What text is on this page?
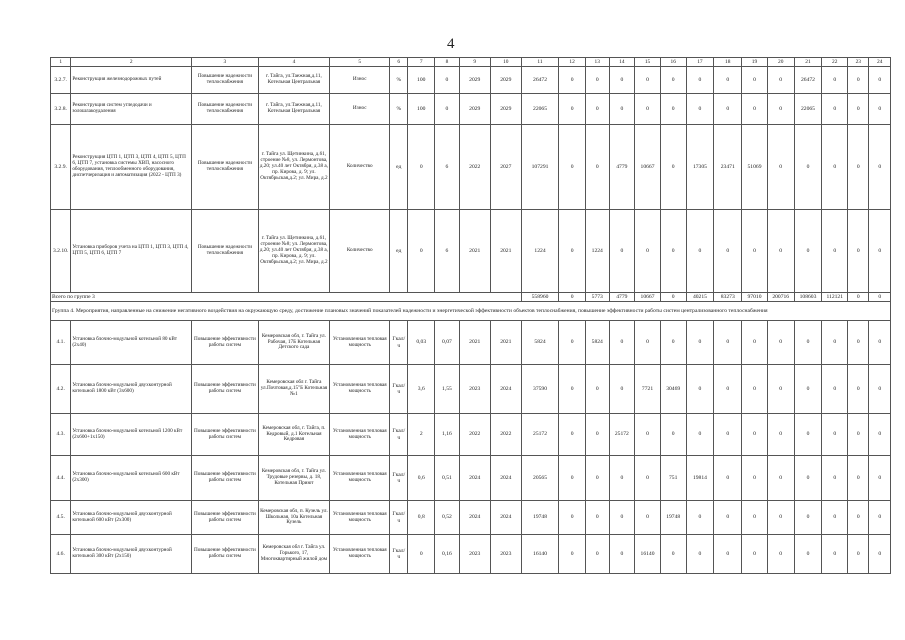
4
1	2	3	4	5	6	7	8	9	10	11	12	13	14	15	16	17	18	19	20	21	22	23	24
3.2.7.	Реконструкция железнодорожных путей	Повышение надежности теплоснабжения	г. Тайга, ул.Таежная,д.11, Котельная Центральная	Износ	%	100	0	2029	2029	26472	0	0	0	0	0	0	0	0	0	26472	0	0	0
3.2.8.	Реконструкция систем угледодачи и золошлакоудаления	Повышение надежности теплоснабжения	г. Тайга, ул.Таежная,д.11, Котельная Центральная	Износ	%	100	0	2029	2029	22065	0	0	0	0	0	0	0	0	0	22065	0	0	0
3.2.9.	Реконструкция ЦТП 1, ЦТП 3, ЦТП 4, ЦТП 5, ЦТП 6, ЦТП 7, установка системы ХВП, насосного оборудования, теплообменного оборудования, диспетчеризация и автоматизация (2022 - ЦТП 3)	Повышение надежности теплоснабжения	г. Тайга ул. Щетинкина, д.61, строение №8, ул. Лермонтова, д.20; ул.40 лет Октября, д.38 а, пр. Кирова, д. 9; ул. Октябрьская,д.2; ул. Мира, д.2	Количество	ед	0	6	2022	2027	107291	0	0	4779	10667	0	17305	23471	51069	0	0	0	0	0
3.2.10.	Установка приборов учета на ЦТП 1, ЦТП 3, ЦТП 4, ЦТП 5, ЦТП 6, ЦТП 7	Повышение надежности теплоснабжения	г. Тайга ул. Щетинкина, д.61, строение №8; ул. Лермонтова, д.20; ул.40 лет Октября, д.38 а, пр. Кирова, д. 9; ул. Октябрьская,д.2; ул. Мира, д.2	Количество	ед	0	6	2021	2021	1224	0	1224	0	0	0	0	0	0	0	0	0	0	0
Всего по группе 3										558960	0	5773	4779	10667	0	40215	83273	97010	200716	108603	112121	0	0
Группа 4. Мероприятия, направленные на снижение негативного воздействия на окружающую среду, достижение плановых значений показателей надежности и энергетической эффективности объектов теплоснабжения, повышение эффективности работы систем централизованного теплоснабжения																							
4.1.	Установка блочно-модульной котельной 80 кВт (2х40)	Повышение эффективности работы систем	Кемеровская обл, г. Тайга ул. Рабочая, 17Б Котельная Детского сада	Установленная тепловая мощность	Гкал/ч	0,03	0,07	2021	2021	5824	0	5824	0	0	0	0	0	0	0	0	0	0	0
4.2.	Установка блочно-модульной двухконтурной котельной 1800 кВт (3х600)	Повышение эффективности работы систем	Кемеровская обл г. Тайга ул.Почтовая,д.15"Б Котельная №1	Установленная тепловая мощность	Гкал/ч	3,6	1,55	2023	2024	37590	0	0	0	7721	30469	0	0	0	0	0	0	0	0
4.3.	Установка блочно-модульной котельной 1200 кВт (2х600+1х150)	Повышение эффективности работы систем	Кемеровская обл, г. Тайга, п. Кедровый, д.1 Котельная Кедровая	Установленная тепловая мощность	Гкал/ч	2	1,16	2022	2022	25172	0	0	25172	0	0	0	0	0	0	0	0	0	0
4.4.	Установка блочно-модульной котельной 600 кВт (2х300)	Повышение эффективности работы систем	Кемеровская обл, г. Тайга ул. Трудовые резервы, д. 18, Котельная Приют	Установленная тепловая мощность	Гкал/ч	0,6	0,51	2024	2024	20565	0	0	0	0	751	19814	0	0	0	0	0	0	0
4.5.	Установка блочно-модульной двухконтурной котельной 600 кВт (2х300)	Повышение эффективности работы систем	Кемеровская обл, п. Кузель ул. Школьная, 10а Котельная Кузель	Установленная тепловая мощность	Гкал/ч	0,8	0,52	2024	2024	19748	0	0	0	0	19748	0	0	0	0	0	0	0	0
4.6.	Установка блочно-модульной двухконтурной котельной 300 кВт (2х150)	Повышение эффективности работы систем	Кемеровская обл г. Тайга ул. Горького, 17, Многоквартирный жилой дом	Установленная тепловая мощность	Гкал/ч	0	0,16	2023	2023	16140	0	0	0	16140	0	0	0	0	0	0	0	0	0
